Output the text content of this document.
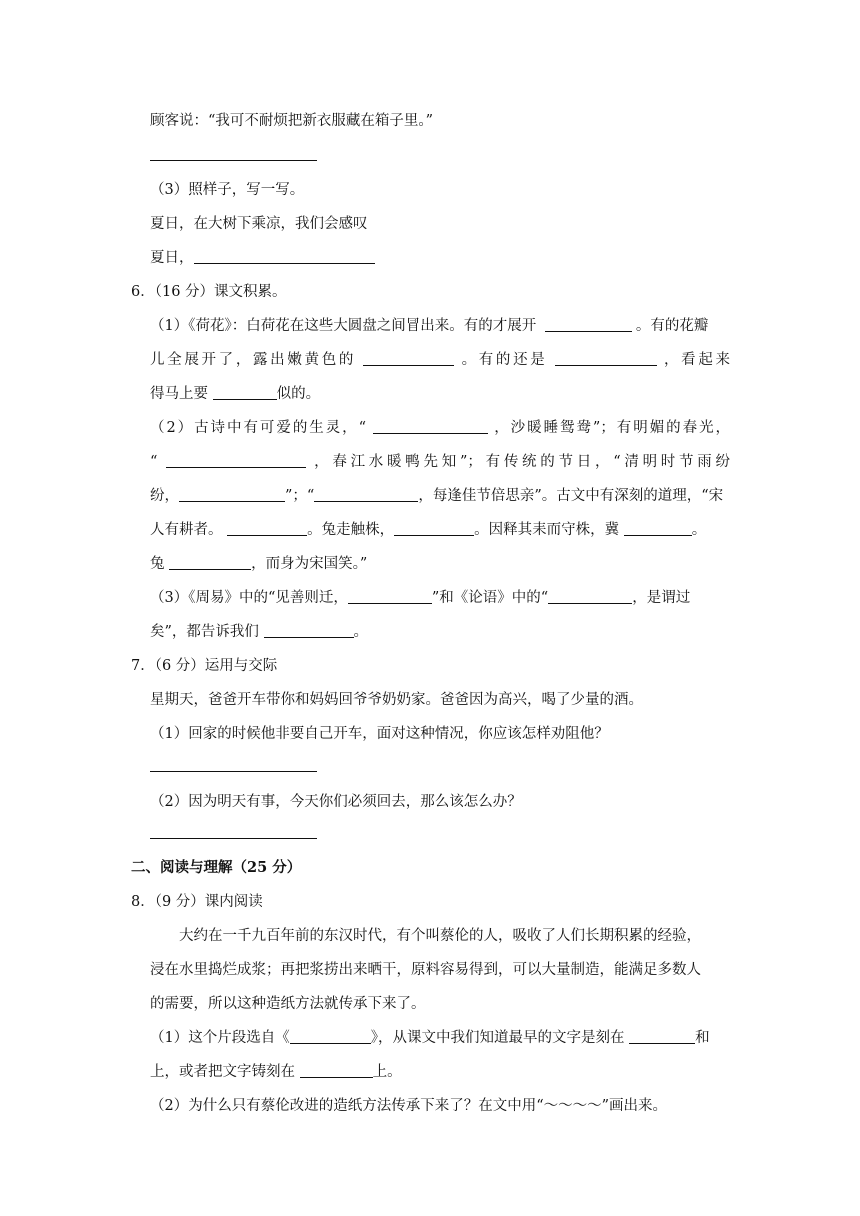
顾客说：“我可不耐烦把新衣服藏在箱子里。”
（3）照样子，写一写。
夏日，在大树下乘凉，我们会感叹
夏日，
6．（16 分）课文积累。
（1）《荷花》：白荷花在这些大圆盘之间冒出来。有的才展开	。有的花瓣
儿全展开了，露出嫩黄色的	。有的还是	，看起来
得马上要	似的。
（2）古诗中有可爱的生灵，“	，沙暖睡鸳鸯”；有明媚的春光，
“	，春江水暖鸭先知”；有传统的节日，“清明时节雨纷
纷，	”；“	，每逢佳节倍思亲”。古文中有深刻的道理，“宋
人有耕者。	。兔走触株，	。因释其耒而守株，冀	。
兔	，而身为宋国笑。”
（3）《周易》中的“见善则迁，	”和《论语》中的“	，是谓过
矣”，都告诉我们	。
7．（6 分）运用与交际
星期天，爸爸开车带你和妈妈回爷爷奶奶家。爸爸因为高兴，喝了少量的酒。
（1）回家的时候他非要自己开车，面对这种情况，你应该怎样劝阻他？
（2）因为明天有事，今天你们必须回去，那么该怎么办？
二、阅读与理解（25 分）
8．（9 分）课内阅读
大约在一千九百年前的东汉时代，有个叫蔡伦的人，吸收了人们长期积累的经验，
浸在水里捣烂成浆；再把浆捞出来晒干，原料容易得到，可以大量制造，能满足多数人
的需要，所以这种造纸方法就传承下来了。
（1）这个片段选自《	》，从课文中我们知道最早的文字是刻在	和
上，或者把文字铸刻在	上。
（2）为什么只有蔡伦改进的造纸方法传承下来了？在文中用“～～～～”画出来。
